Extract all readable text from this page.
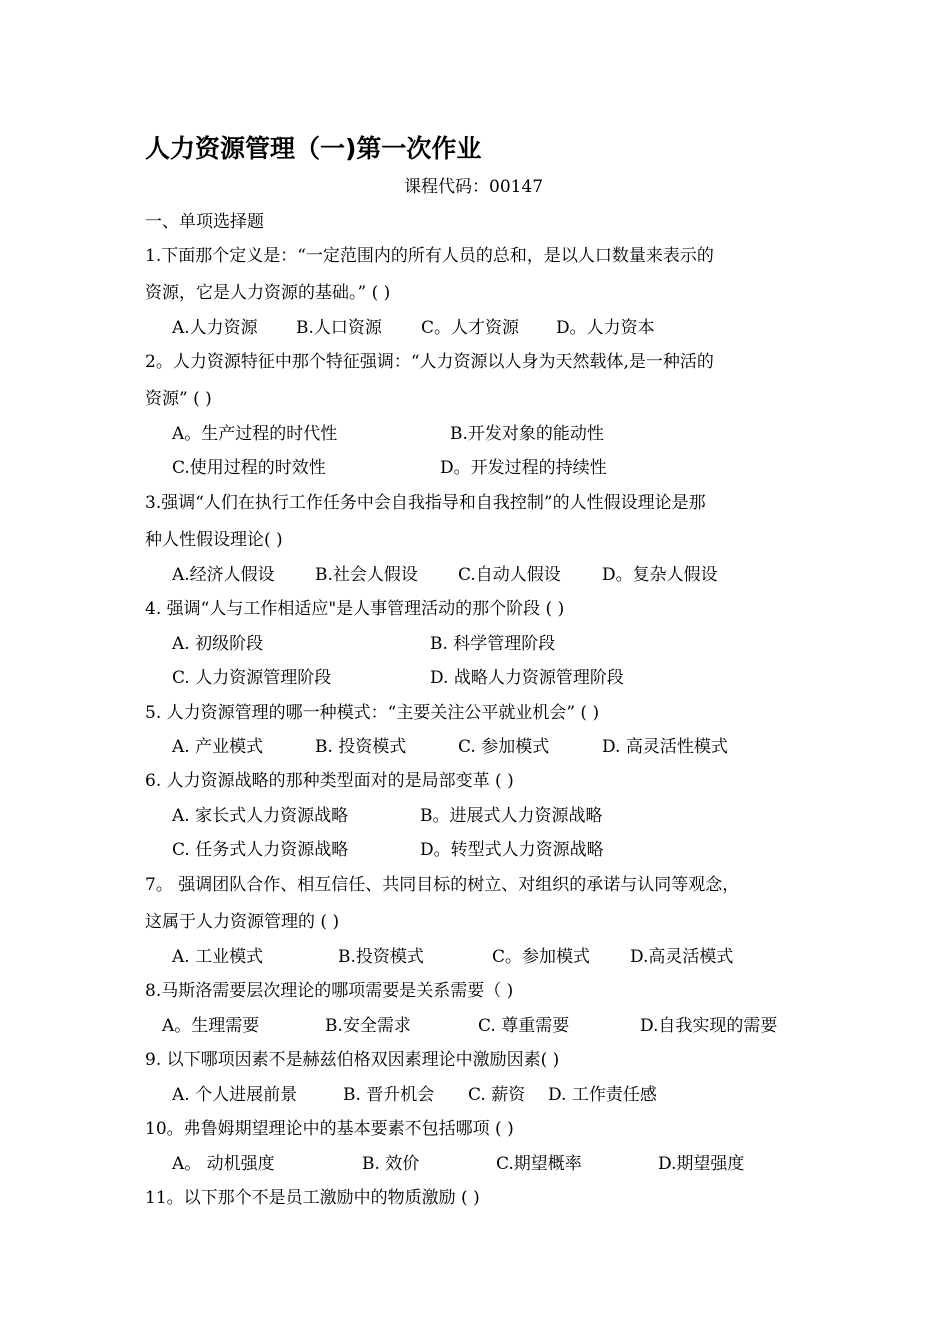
人力资源管理（一)第一次作业
课程代码：00147
一、单项选择题
1.下面那个定义是：“一定范围内的所有人员的总和，是以人口数量来表示的
资源，它是人力资源的基础。” ( )
A.人力资源 B.人口资源 C。人才资源 D。人力资本
2。人力资源特征中那个特征强调：“人力资源以人身为天然载体,是一种活的
资源” ( )
A。生产过程的时代性	B.开发对象的能动性
C.使用过程的时效性	D。开发过程的持续性
3.强调“人们在执行工作任务中会自我指导和自我控制”的人性假设理论是那
种人性假设理论( )
A.经济人假设 B.社会人假设 C.自动人假设 D。复杂人假设
4. 强调“人与工作相适应"是人事管理活动的那个阶段 ( )
A. 初级阶段	B. 科学管理阶段
C. 人力资源管理阶段	D. 战略人力资源管理阶段
5. 人力资源管理的哪一种模式：“主要关注公平就业机会” ( )
A. 产业模式	B. 投资模式	C. 参加模式	D. 高灵活性模式
6. 人力资源战略的那种类型面对的是局部变革 ( )
A. 家长式人力资源战略	B。进展式人力资源战略
C. 任务式人力资源战略	D。转型式人力资源战略
7。 强调团队合作、相互信任、共同目标的树立、对组织的承诺与认同等观念，
这属于人力资源管理的 ( )
A. 工业模式	B.投资模式	C。参加模式 D.高灵活模式
8.马斯洛需要层次理论的哪项需要是关系需要（ )
A。生理需要	B.安全需求	C. 尊重需要	D.自我实现的需要
9. 以下哪项因素不是赫兹伯格双因素理论中激励因素( )
A. 个人进展前景	B. 晋升机会 C. 薪资 D. 工作责任感
10。弗鲁姆期望理论中的基本要素不包括哪项 ( )
A。 动机强度	B. 效价	C.期望概率	D.期望强度
11。以下那个不是员工激励中的物质激励 ( )
